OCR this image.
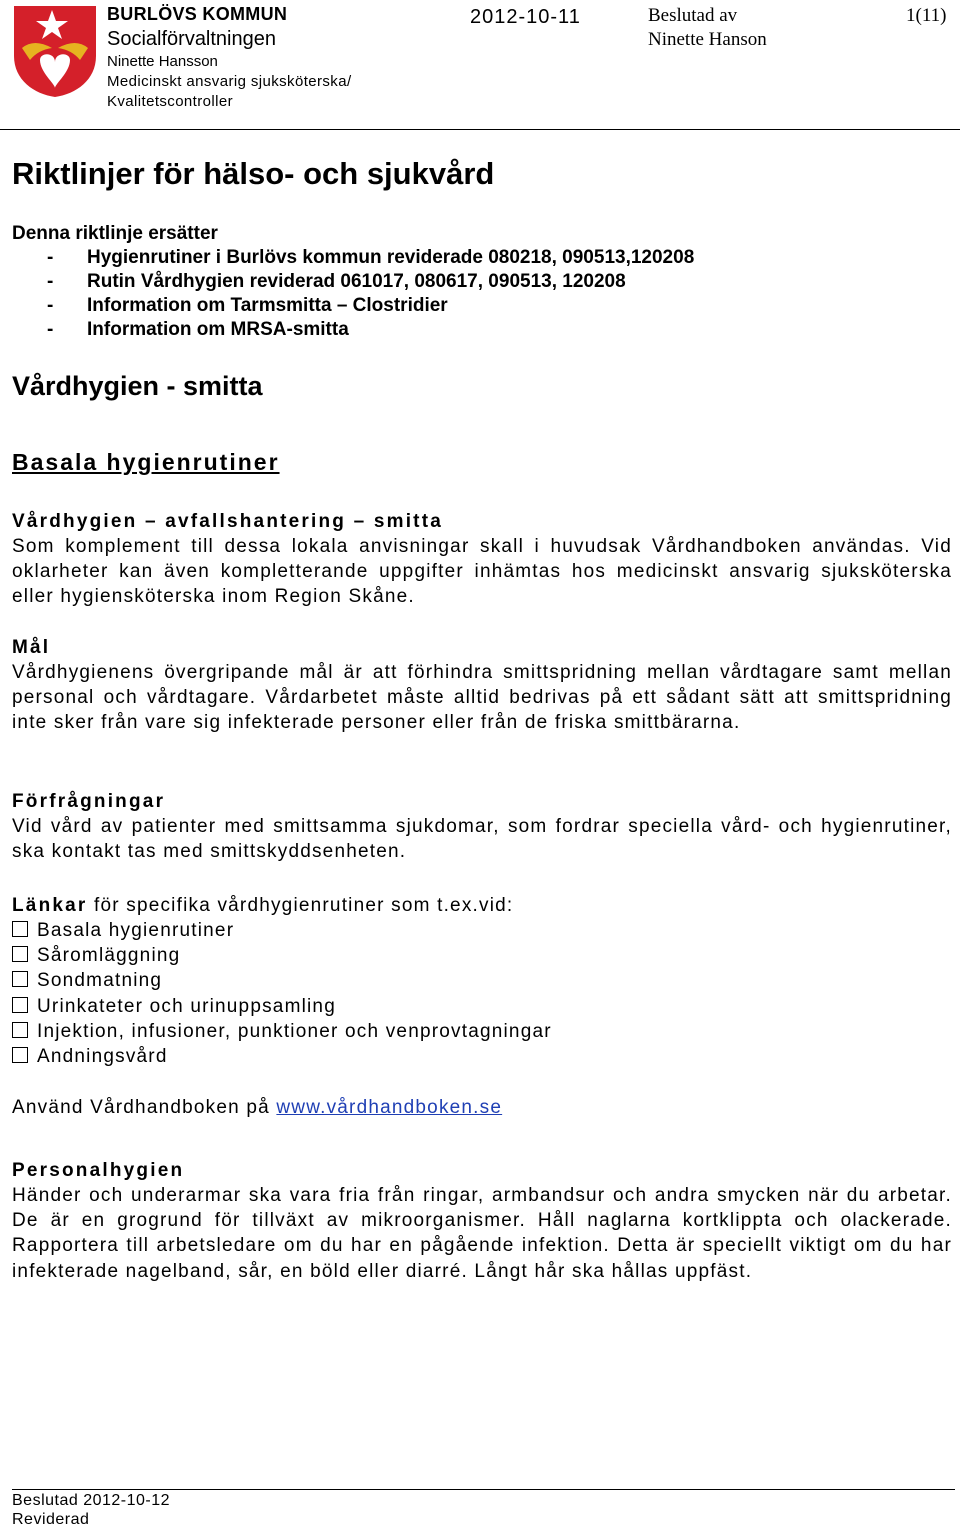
BURLÖVS KOMMUN
Socialförvaltningen
Ninette Hansson
Medicinskt ansvarig sjuksköterska/
Kvalitetscontroller
2012-10-11	Beslutad av
Ninette Hanson
1(11)
Riktlinjer för hälso- och sjukvård
Denna riktlinje ersätter
- Hygienrutiner i Burlövs kommun reviderade 080218, 090513,120208
- Rutin Vårdhygien reviderad 061017, 080617, 090513, 120208
- Information om Tarmsmitta – Clostridier
- Information om MRSA-smitta
Vårdhygien - smitta
Basala hygienrutiner
Vårdhygien – avfallshantering – smitta
Som komplement till dessa lokala anvisningar skall i huvudsak Vårdhandboken användas. Vid oklarheter kan även kompletterande uppgifter inhämtas hos medicinskt ansvarig sjuksköterska eller hygiensköterska inom Region Skåne.
Mål
Vårdhygienens övergripande mål är att förhindra smittspridning mellan vårdtagare samt mellan personal och vårdtagare. Vårdarbetet måste alltid bedrivas på ett sådant sätt att smittspridning inte sker från vare sig infekterade personer eller från de friska smittbärarna.
Förfrågningar
Vid vård av patienter med smittsamma sjukdomar, som fordrar speciella vård- och hygienrutiner, ska kontakt tas med smittskyddsenheten.
Länkar för specifika vårdhygienrutiner som t.ex.vid:
Basala hygienrutiner
Såromläggning
Sondmatning
Urinkateter och urinuppsamling
Injektion, infusioner, punktioner och venprovtagningar
Andningsvård
Använd Vårdhandboken på www.vårdhandboken.se
Personalhygien
Händer och underarmar ska vara fria från ringar, armbandsur och andra smycken när du arbetar. De är en grogrund för tillväxt av mikroorganismer. Håll naglarna kortklippta och olackerade. Rapportera till arbetsledare om du har en pågående infektion. Detta är speciellt viktigt om du har infekterade nagelband, sår, en böld eller diarré. Långt hår ska hållas uppfäst.
Beslutad 2012-10-12
Reviderad
